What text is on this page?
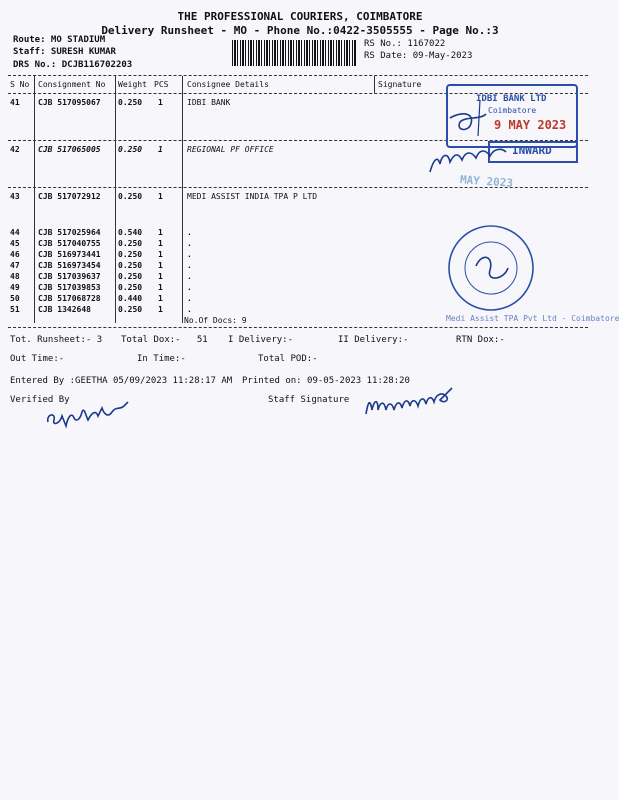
THE PROFESSIONAL COURIERS, COIMBATORE
Delivery Runsheet - MO - Phone No.:0422-3505555 - Page No.:3
Route: MO STADIUM
Staff: SURESH KUMAR
DRS No.: DCJB116702203
RS No.: 1167022
RS Date: 09-May-2023
S No Consignment No Weight PCS Consignee Details	Signature
41 CJB 517095067 0.250 1	IDBI BANK
42 CJB 517065005 0.250 1	REGIONAL PF OFFICE
43 CJB 517072912 0.250 1	MEDI ASSIST INDIA TPA P LTD
44 CJB 517025964 0.540 1	.
45 CJB 517040755 0.250 1	.
46 CJB 516973441 0.250 1	.
47 CJB 516973454 0.250 1	.
48 CJB 517039637 0.250 1	.
49 CJB 517039853 0.250 1	.
50 CJB 517068728 0.440 1	.
51 CJB 1342648	0.250 1	.
No.Of Docs: 9
Tot. Runsheet:- 3 Total Dox:-   51 I Delivery:-	II Delivery:-	RTN Dox:-
Out Time:-	In Time:-	Total POD:-
Entered By :GEETHA 05/09/2023 11:28:17 AM Printed on: 09-05-2023 11:28:20
Verified By	Staff Signature
IDBI BANK LTD
Coimbatore
9 MAY 2023
INWARD
MAY 2023
Medi Assist TPA Pvt Ltd - Coimbatore
